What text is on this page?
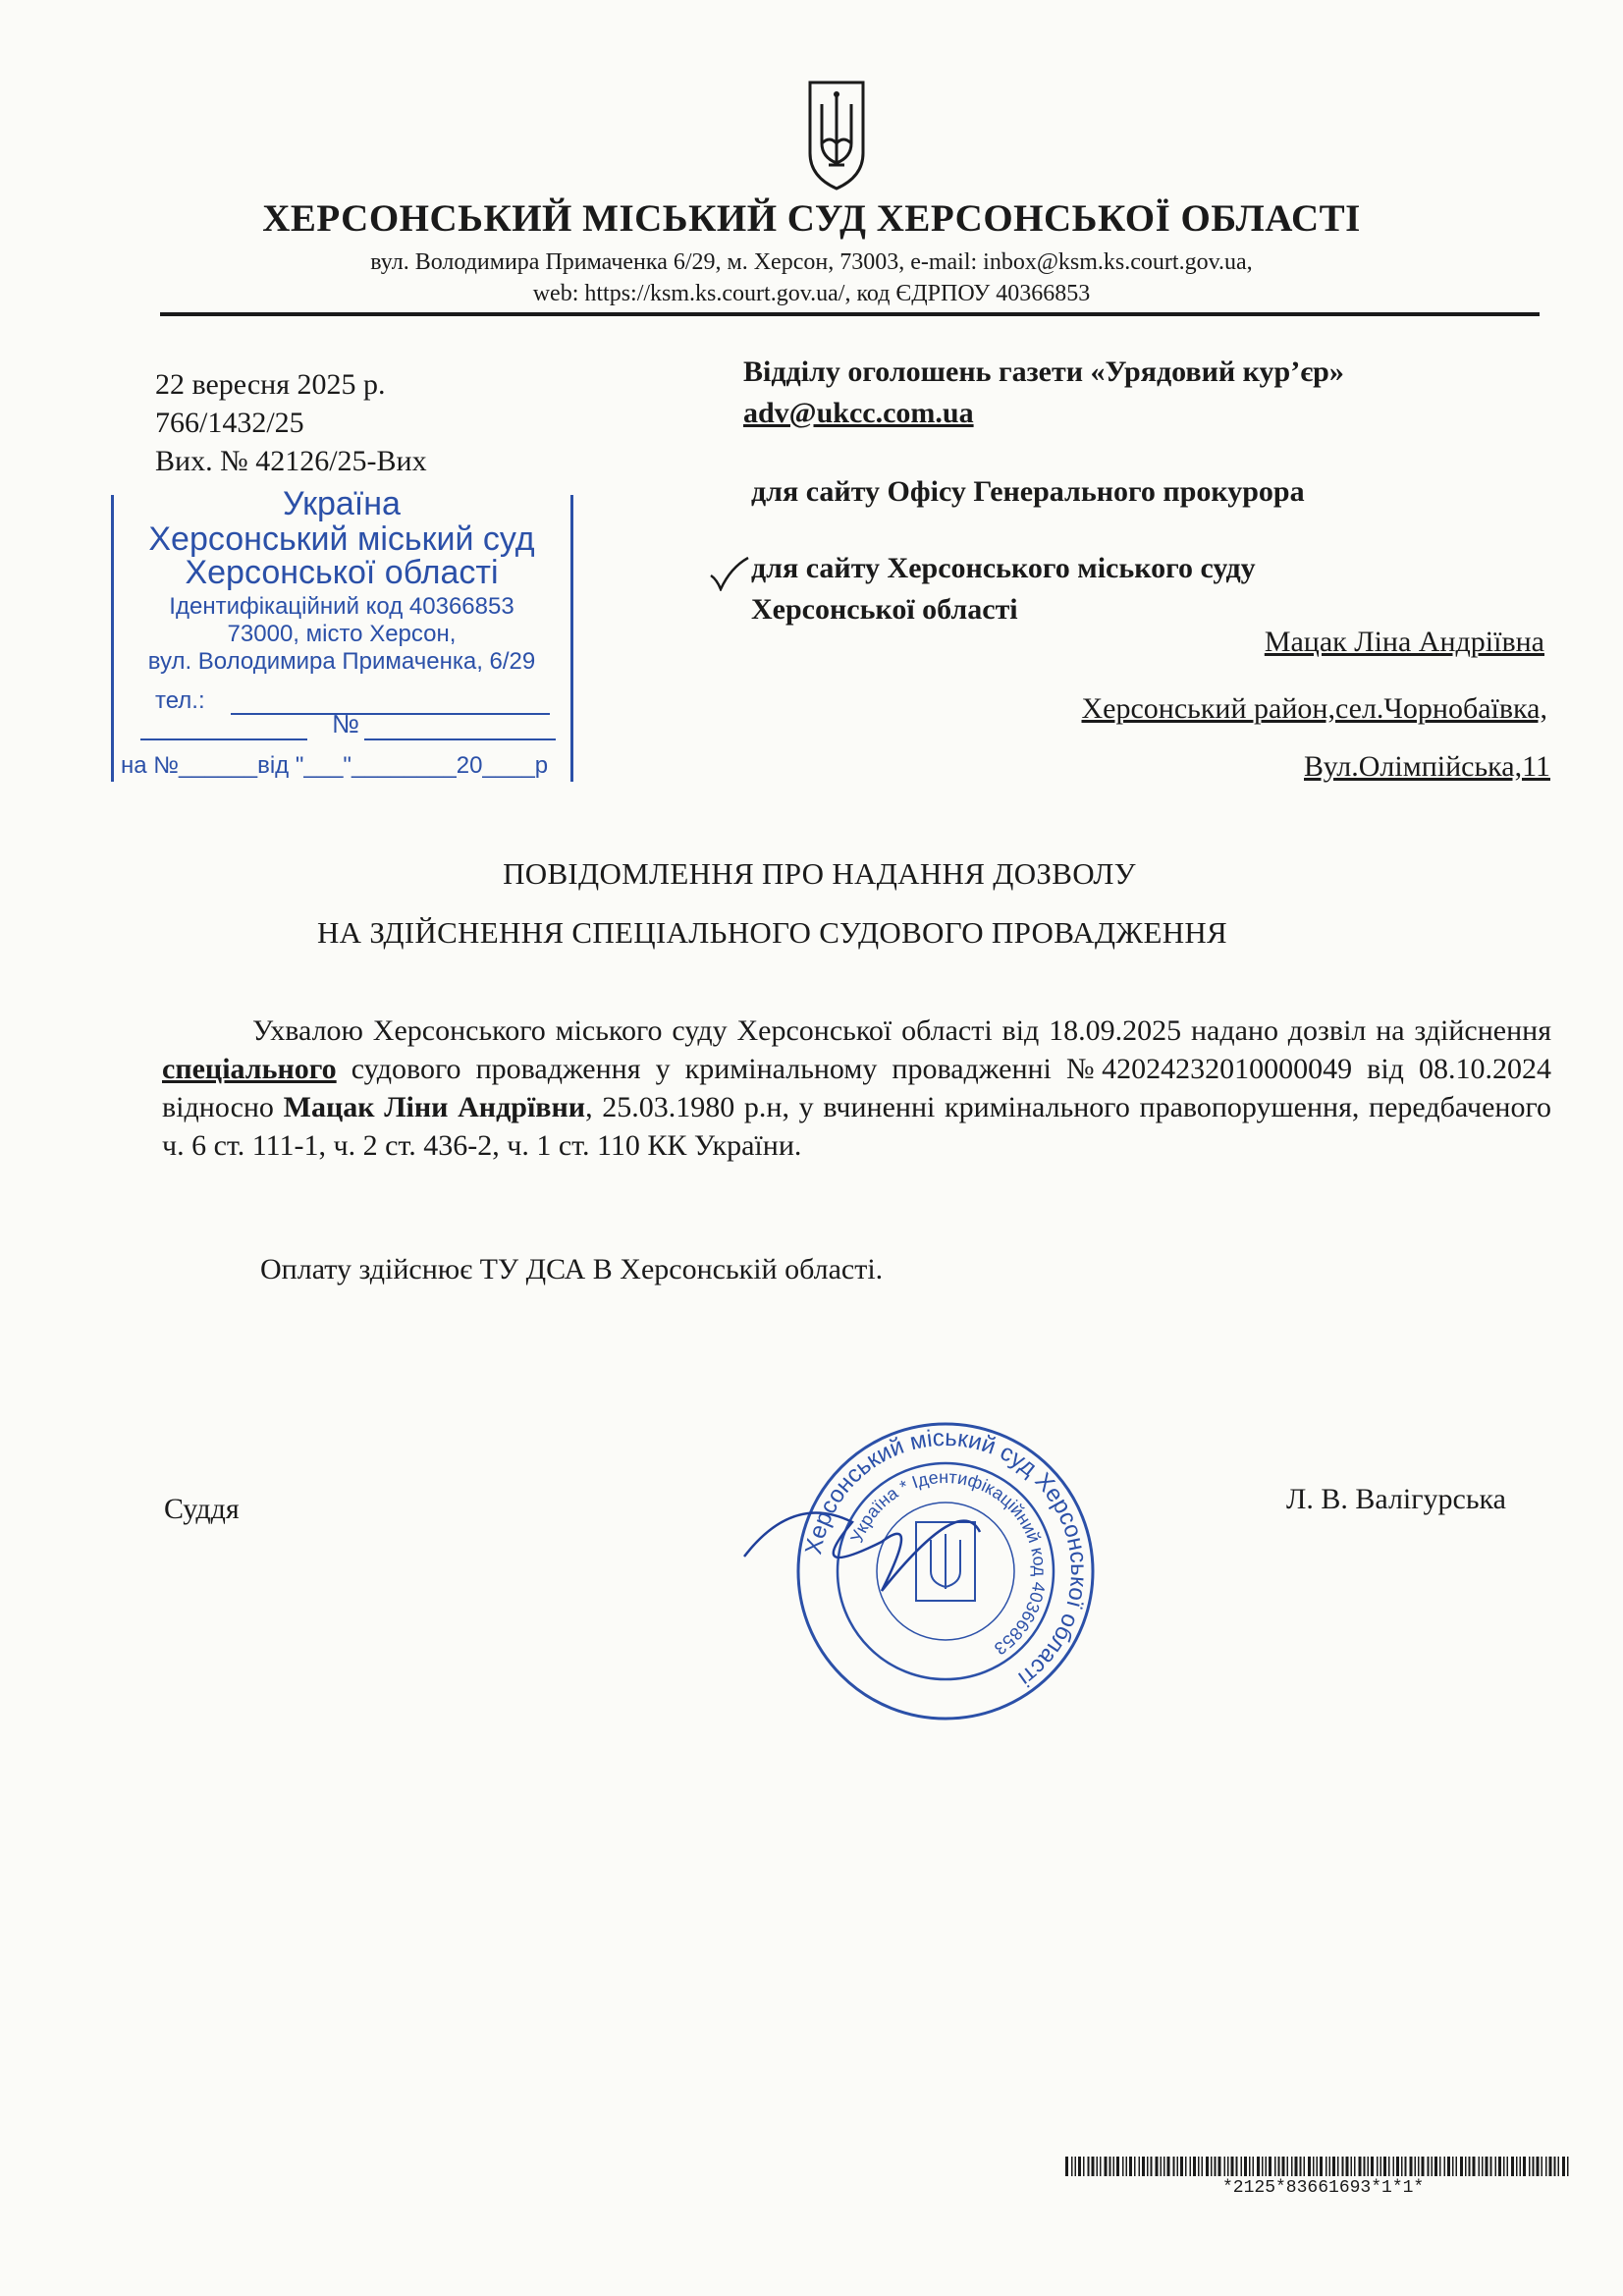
ХЕРСОНСЬКИЙ МІСЬКИЙ СУД ХЕРСОНСЬКОЇ ОБЛАСТІ
вул. Володимира Примаченка 6/29, м. Херсон, 73003, e-mail: inbox@ksm.ks.court.gov.ua,
web: https://ksm.ks.court.gov.ua/, код ЄДРПОУ 40366853
22 вересня 2025 р.
766/1432/25
Вих. № 42126/25-Вих
Україна
Херсонський міський суд
Херсонської області
Ідентифікаційний код 40366853
73000, місто Херсон,
вул. Володимира Примаченка, 6/29
тел.:
№
на №______від "___"________20____р
Відділу оголошень газети «Урядовий кур’єр»
adv@ukcc.com.ua
для сайту Офісу Генерального прокурора
для сайту Херсонського міського суду
Херсонської області
Мацак Ліна Андріївна
Херсонський район,сел.Чорнобаївка,
Вул.Олімпійська,11
ПОВІДОМЛЕННЯ ПРО НАДАННЯ ДОЗВОЛУ
НА ЗДІЙСНЕННЯ СПЕЦІАЛЬНОГО СУДОВОГО ПРОВАДЖЕННЯ
Ухвалою Херсонського міського суду Херсонської області від 18.09.2025 надано дозвіл на здійснення спеціального судового провадження у кримінальному провадженні №42024232010000049 від 08.10.2024 відносно Мацак Ліни Андрївни, 25.03.1980 р.н, у вчиненні кримінального правопорушення, передбаченого ч. 6 ст. 111-1, ч. 2 ст. 436-2, ч. 1 ст. 110 КК України.
Оплату здійснює ТУ ДСА В Херсонській області.
Суддя	Л. В. Валігурська
Херсонський міський суд Херсонської області
Україна * Ідентифікаційний код 40366853
*2125*83661693*1*1*
